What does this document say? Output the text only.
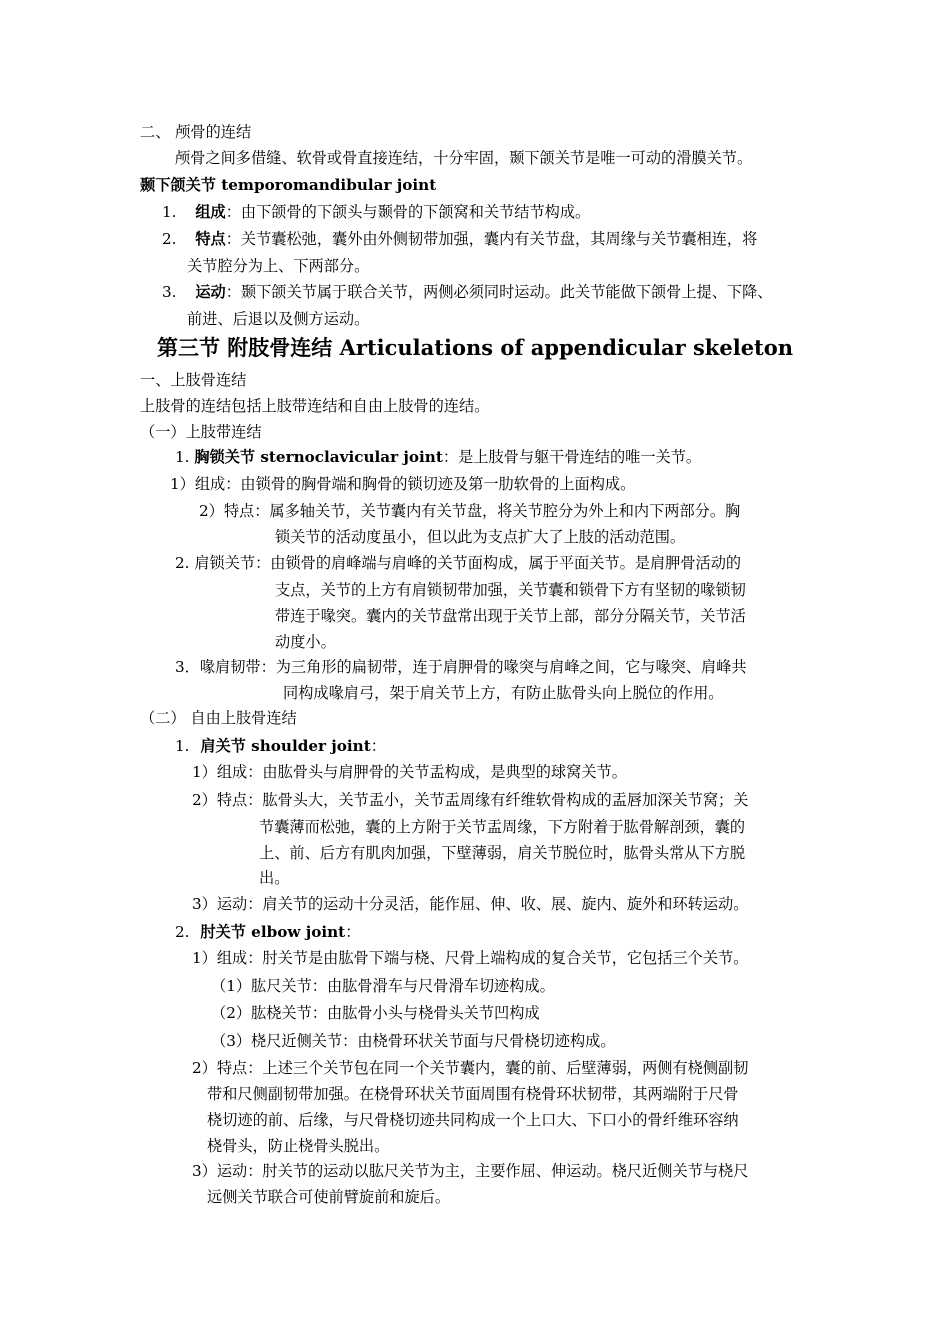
二、 颅骨的连结
颅骨之间多借缝、软骨或骨直接连结，十分牢固，颞下颌关节是唯一可动的滑膜关节。
颞下颌关节 temporomandibular joint
1. 组成：由下颌骨的下颌头与颞骨的下颌窝和关节结节构成。
2. 特点：关节囊松弛，囊外由外侧韧带加强，囊内有关节盘，其周缘与关节囊相连，将
关节腔分为上、下两部分。
3. 运动：颞下颌关节属于联合关节，两侧必须同时运动。此关节能做下颌骨上提、下降、
前进、后退以及侧方运动。
第三节 附肢骨连结 Articulations of appendicular skeleton
一、上肢骨连结
上肢骨的连结包括上肢带连结和自由上肢骨的连结。
（一）上肢带连结
1. 胸锁关节 sternoclavicular joint：是上肢骨与躯干骨连结的唯一关节。
1）组成：由锁骨的胸骨端和胸骨的锁切迹及第一肋软骨的上面构成。
2）特点：属多轴关节，关节囊内有关节盘，将关节腔分为外上和内下两部分。胸
锁关节的活动度虽小，但以此为支点扩大了上肢的活动范围。
2. 肩锁关节：由锁骨的肩峰端与肩峰的关节面构成，属于平面关节。是肩胛骨活动的
支点，关节的上方有肩锁韧带加强，关节囊和锁骨下方有坚韧的喙锁韧
带连于喙突。囊内的关节盘常出现于关节上部，部分分隔关节，关节活
动度小。
3．喙肩韧带：为三角形的扁韧带，连于肩胛骨的喙突与肩峰之间，它与喙突、肩峰共
同构成喙肩弓，架于肩关节上方，有防止肱骨头向上脱位的作用。
（二） 自由上肢骨连结
1. 肩关节 shoulder joint：
1）组成：由肱骨头与肩胛骨的关节盂构成，是典型的球窝关节。
2）特点：肱骨头大，关节盂小，关节盂周缘有纤维软骨构成的盂唇加深关节窝；关
节囊薄而松弛，囊的上方附于关节盂周缘，下方附着于肱骨解剖颈，囊的
上、前、后方有肌肉加强，下壁薄弱，肩关节脱位时，肱骨头常从下方脱
出。
3）运动：肩关节的运动十分灵活，能作屈、伸、收、展、旋内、旋外和环转运动。
2. 肘关节 elbow joint：
1）组成：肘关节是由肱骨下端与桡、尺骨上端构成的复合关节，它包括三个关节。
（1）肱尺关节：由肱骨滑车与尺骨滑车切迹构成。
（2）肱桡关节：由肱骨小头与桡骨头关节凹构成
（3）桡尺近侧关节：由桡骨环状关节面与尺骨桡切迹构成。
2）特点：上述三个关节包在同一个关节囊内，囊的前、后壁薄弱，两侧有桡侧副韧
带和尺侧副韧带加强。在桡骨环状关节面周围有桡骨环状韧带，其两端附于尺骨
桡切迹的前、后缘，与尺骨桡切迹共同构成一个上口大、下口小的骨纤维环容纳
桡骨头，防止桡骨头脱出。
3）运动：肘关节的运动以肱尺关节为主，主要作屈、伸运动。桡尺近侧关节与桡尺
远侧关节联合可使前臂旋前和旋后。
